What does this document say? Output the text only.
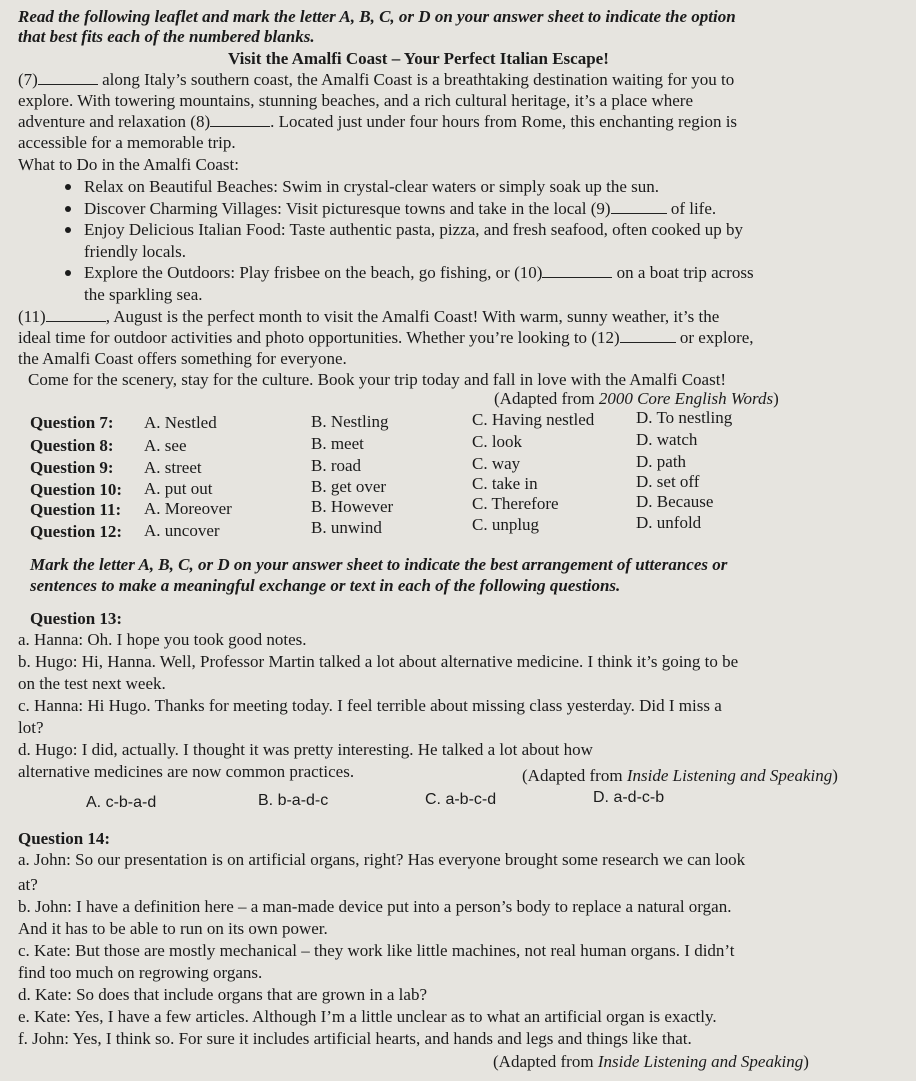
Read the following leaflet and mark the letter A, B, C, or D on your answer sheet to indicate the option
that best fits each of the numbered blanks.
Visit the Amalfi Coast – Your Perfect Italian Escape!
(7)	along Italy’s southern coast, the Amalfi Coast is a breathtaking destination waiting for you to
explore. With towering mountains, stunning beaches, and a rich cultural heritage, it’s a place where
adventure and relaxation (8)	. Located just under four hours from Rome, this enchanting region is
accessible for a memorable trip.
What to Do in the Amalfi Coast:
Relax on Beautiful Beaches: Swim in crystal-clear waters or simply soak up the sun.
Discover Charming Villages: Visit picturesque towns and take in the local (9)	of life.
Enjoy Delicious Italian Food: Taste authentic pasta, pizza, and fresh seafood, often cooked up by
friendly locals.
Explore the Outdoors: Play frisbee on the beach, go fishing, or (10)	on a boat trip across
the sparkling sea.
(11)	, August is the perfect month to visit the Amalfi Coast! With warm, sunny weather, it’s the
ideal time for outdoor activities and photo opportunities. Whether you’re looking to (12)	or explore,
the Amalfi Coast offers something for everyone.
Come for the scenery, stay for the culture. Book your trip today and fall in love with the Amalfi Coast!
(Adapted from 2000 Core English Words)
Question 7: A. Nestled	B. Nestling	C. Having nestled D. To nestling
Question 8: A. see	B. meet	C. look	D. watch
Question 9: A. street	B. road	C. way	D. path
Question 10: A. put out	B. get over	C. take in	D. set off
Question 11: A. Moreover	B. However	C. Therefore	D. Because
Question 12: A. uncover	B. unwind	C. unplug	D. unfold
Mark the letter A, B, C, or D on your answer sheet to indicate the best arrangement of utterances or
sentences to make a meaningful exchange or text in each of the following questions.
Question 13:
a. Hanna: Oh. I hope you took good notes.
b. Hugo: Hi, Hanna. Well, Professor Martin talked a lot about alternative medicine. I think it’s going to be
on the test next week.
c. Hanna: Hi Hugo. Thanks for meeting today. I feel terrible about missing class yesterday. Did I miss a
lot?
d. Hugo: I did, actually. I thought it was pretty interesting. He talked a lot about how
alternative medicines are now common practices.	(Adapted from Inside Listening and Speaking)
A. c-b-a-d	B. b-a-d-c	C. a-b-c-d	D. a-d-c-b
Question 14:
a. John: So our presentation is on artificial organs, right? Has everyone brought some research we can look
at?
b. John: I have a definition here – a man-made device put into a person’s body to replace a natural organ.
And it has to be able to run on its own power.
c. Kate: But those are mostly mechanical – they work like little machines, not real human organs. I didn’t
find too much on regrowing organs.
d. Kate: So does that include organs that are grown in a lab?
e. Kate: Yes, I have a few articles. Although I’m a little unclear as to what an artificial organ is exactly.
f. John: Yes, I think so. For sure it includes artificial hearts, and hands and legs and things like that.
(Adapted from Inside Listening and Speaking)
